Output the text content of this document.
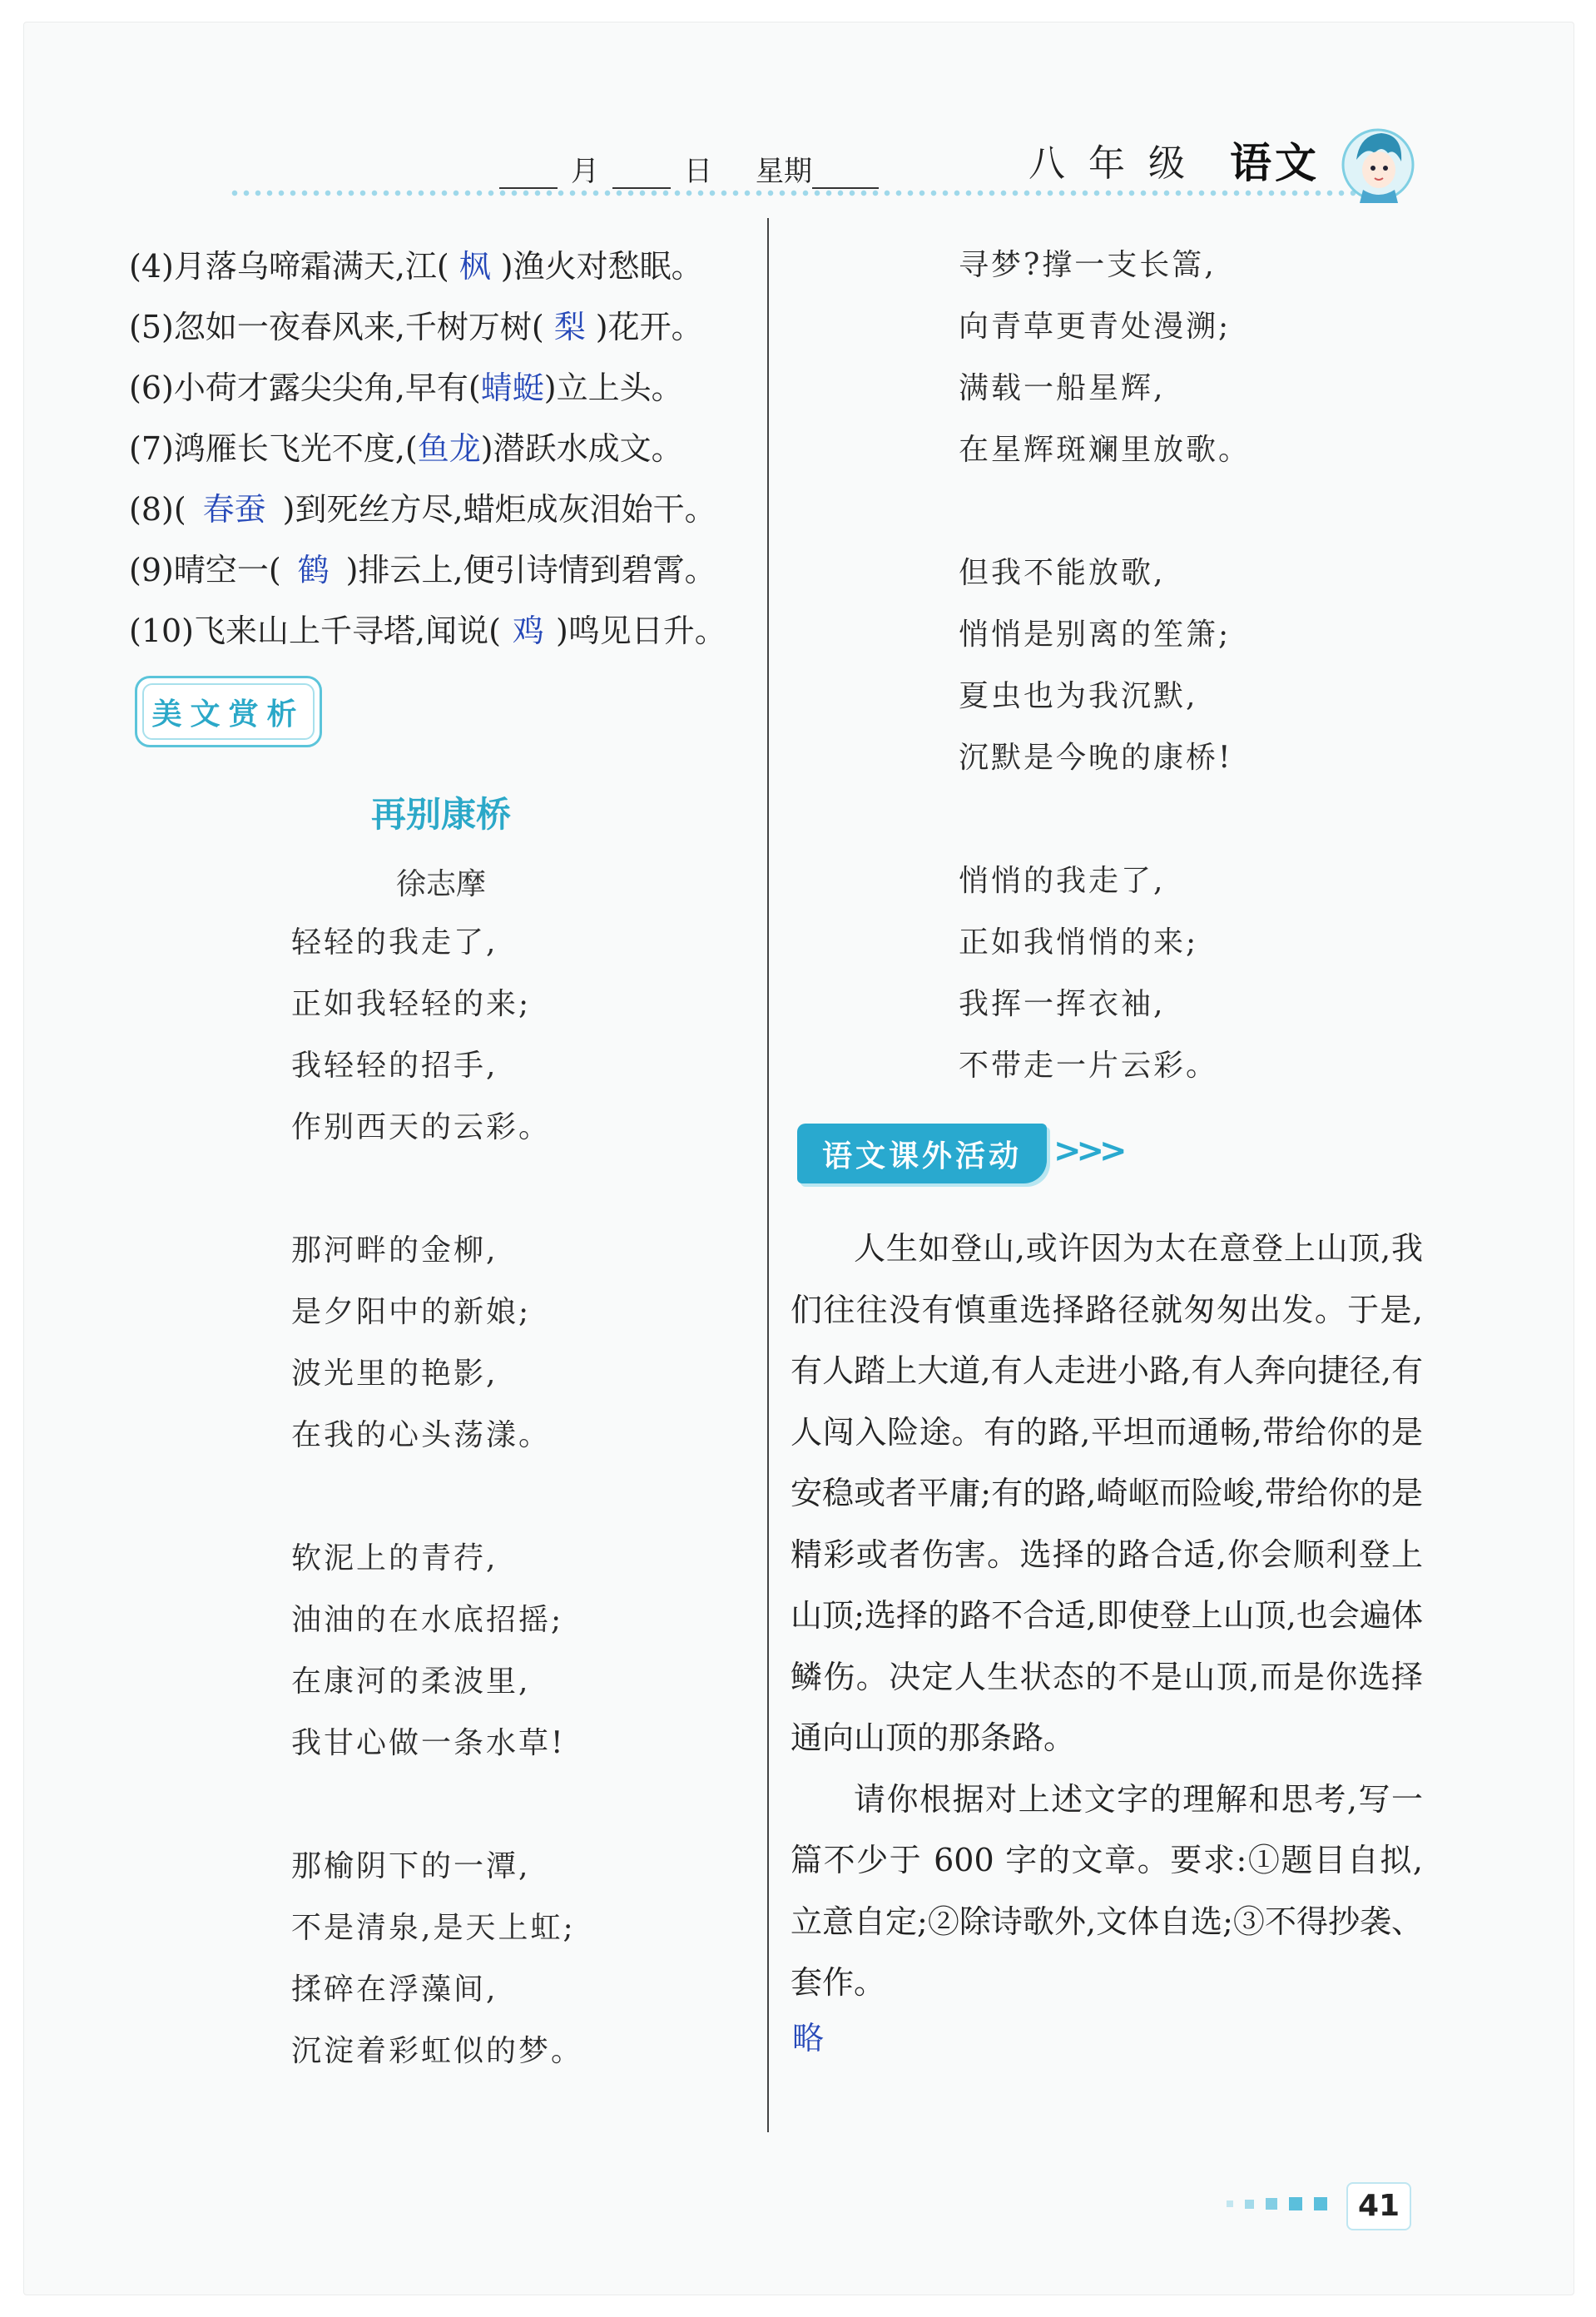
月	日 星期	八年级 语文
(4)月落乌啼霜满天,江( 枫 )渔火对愁眠。
(5)忽如一夜春风来,千树万树( 梨 )花开。
(6)小荷才露尖尖角,早有(蜻蜓)立上头。
(7)鸿雁长飞光不度,(鱼龙)潜跃水成文。
(8)( 春蚕 )到死丝方尽,蜡炬成灰泪始干。
(9)晴空一( 鹤 )排云上,便引诗情到碧霄。
(10)飞来山上千寻塔,闻说( 鸡 )鸣见日升。
美文赏析
再别康桥
徐志摩
轻轻的我走了,
正如我轻轻的来;
我轻轻的招手,
作别西天的云彩。
那河畔的金柳,
是夕阳中的新娘;
波光里的艳影,
在我的心头荡漾。
软泥上的青荇,
油油的在水底招摇;
在康河的柔波里,
我甘心做一条水草!
那榆阴下的一潭,
不是清泉,是天上虹;
揉碎在浮藻间,
沉淀着彩虹似的梦。
寻梦?撑一支长篙,
向青草更青处漫溯;
满载一船星辉,
在星辉斑斓里放歌。
但我不能放歌,
悄悄是别离的笙箫;
夏虫也为我沉默,
沉默是今晚的康桥!
悄悄的我走了,
正如我悄悄的来;
我挥一挥衣袖,
不带走一片云彩。
语文课外活动 >>>

人生如登山,或许因为太在意登上山顶,我们往往没有慎重选择路径就匆匆出发。于是,有人踏上大道,有人走进小路,有人奔向捷径,有人闯入险途。有的路,平坦而通畅,带给你的是安稳或者平庸;有的路,崎岖而险峻,带给你的是精彩或者伤害。选择的路合适,你会顺利登上山顶;选择的路不合适,即使登上山顶,也会遍体鳞伤。决定人生状态的不是山顶,而是你选择通向山顶的那条路。

请你根据对上述文字的理解和思考,写一篇不少于 600 字的文章。要求:①题目自拟,立意自定;②除诗歌外,文体自选;③不得抄袭、套作。

略
41
